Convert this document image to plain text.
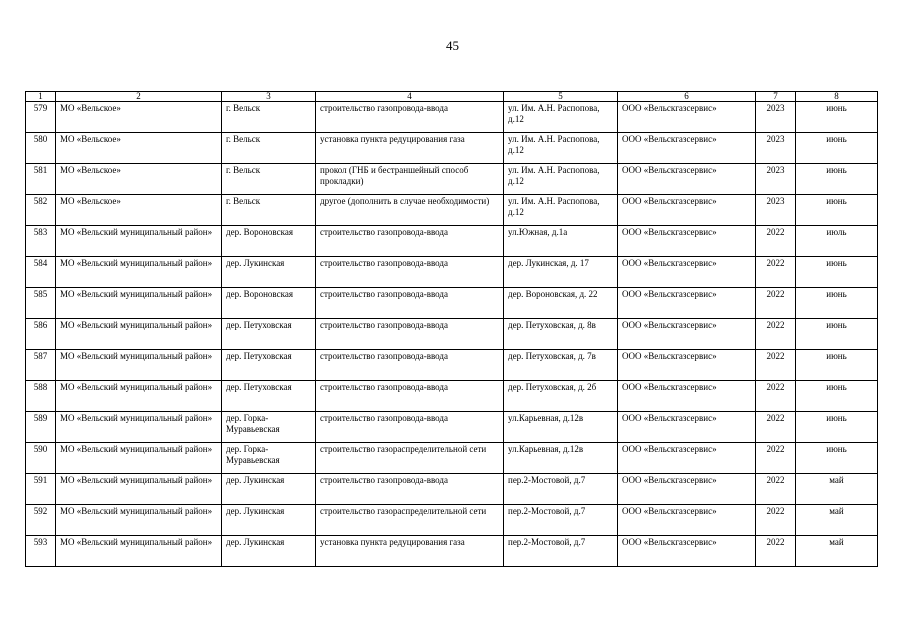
45
1	2	3	4	5	6	7	8
579	МО «Вельское»	г. Вельск	строительство газопровода-ввода	ул. Им. А.Н. Распопова, д.12	ООО «Вельскгазсервис»	2023	июнь
580	МО «Вельское»	г. Вельск	установка пункта редуцирования газа	ул. Им. А.Н. Распопова, д.12	ООО «Вельскгазсервис»	2023	июнь
581	МО «Вельское»	г. Вельск	прокол (ГНБ и бестраншейный способ прокладки)	ул. Им. А.Н. Распопова, д.12	ООО «Вельскгазсервис»	2023	июнь
582	МО «Вельское»	г. Вельск	другое (дополнить в случае необходимости)	ул. Им. А.Н. Распопова, д.12	ООО «Вельскгазсервис»	2023	июнь
583	МО «Вельский муниципальный район»	дер. Вороновская	строительство газопровода-ввода	ул.Южная, д.1а	ООО «Вельскгазсервис»	2022	июль
584	МО «Вельский муниципальный район»	дер. Лукинская	строительство газопровода-ввода	дер. Лукинская, д. 17	ООО «Вельскгазсервис»	2022	июнь
585	МО «Вельский муниципальный район»	дер. Вороновская	строительство газопровода-ввода	дер. Вороновская, д. 22	ООО «Вельскгазсервис»	2022	июнь
586	МО «Вельский муниципальный район»	дер. Петуховская	строительство газопровода-ввода	дер. Петуховская, д. 8в	ООО «Вельскгазсервис»	2022	июнь
587	МО «Вельский муниципальный район»	дер. Петуховская	строительство газопровода-ввода	дер. Петуховская, д. 7в	ООО «Вельскгазсервис»	2022	июнь
588	МО «Вельский муниципальный район»	дер. Петуховская	строительство газопровода-ввода	дер. Петуховская, д. 2б	ООО «Вельскгазсервис»	2022	июнь
589	МО «Вельский муниципальный район»	дер. Горка-Муравьевская	строительство газопровода-ввода	ул.Карьевная, д.12в	ООО «Вельскгазсервис»	2022	июнь
590	МО «Вельский муниципальный район»	дер. Горка-Муравьевская	строительство газораспределительной сети	ул.Карьевная, д.12в	ООО «Вельскгазсервис»	2022	июнь
591	МО «Вельский муниципальный район»	дер. Лукинская	строительство газопровода-ввода	пер.2-Мостовой, д.7	ООО «Вельскгазсервис»	2022	май
592	МО «Вельский муниципальный район»	дер. Лукинская	строительство газораспределительной сети	пер.2-Мостовой, д.7	ООО «Вельскгазсервис»	2022	май
593	МО «Вельский муниципальный район»	дер. Лукинская	установка пункта редуцирования газа	пер.2-Мостовой, д.7	ООО «Вельскгазсервис»	2022	май
